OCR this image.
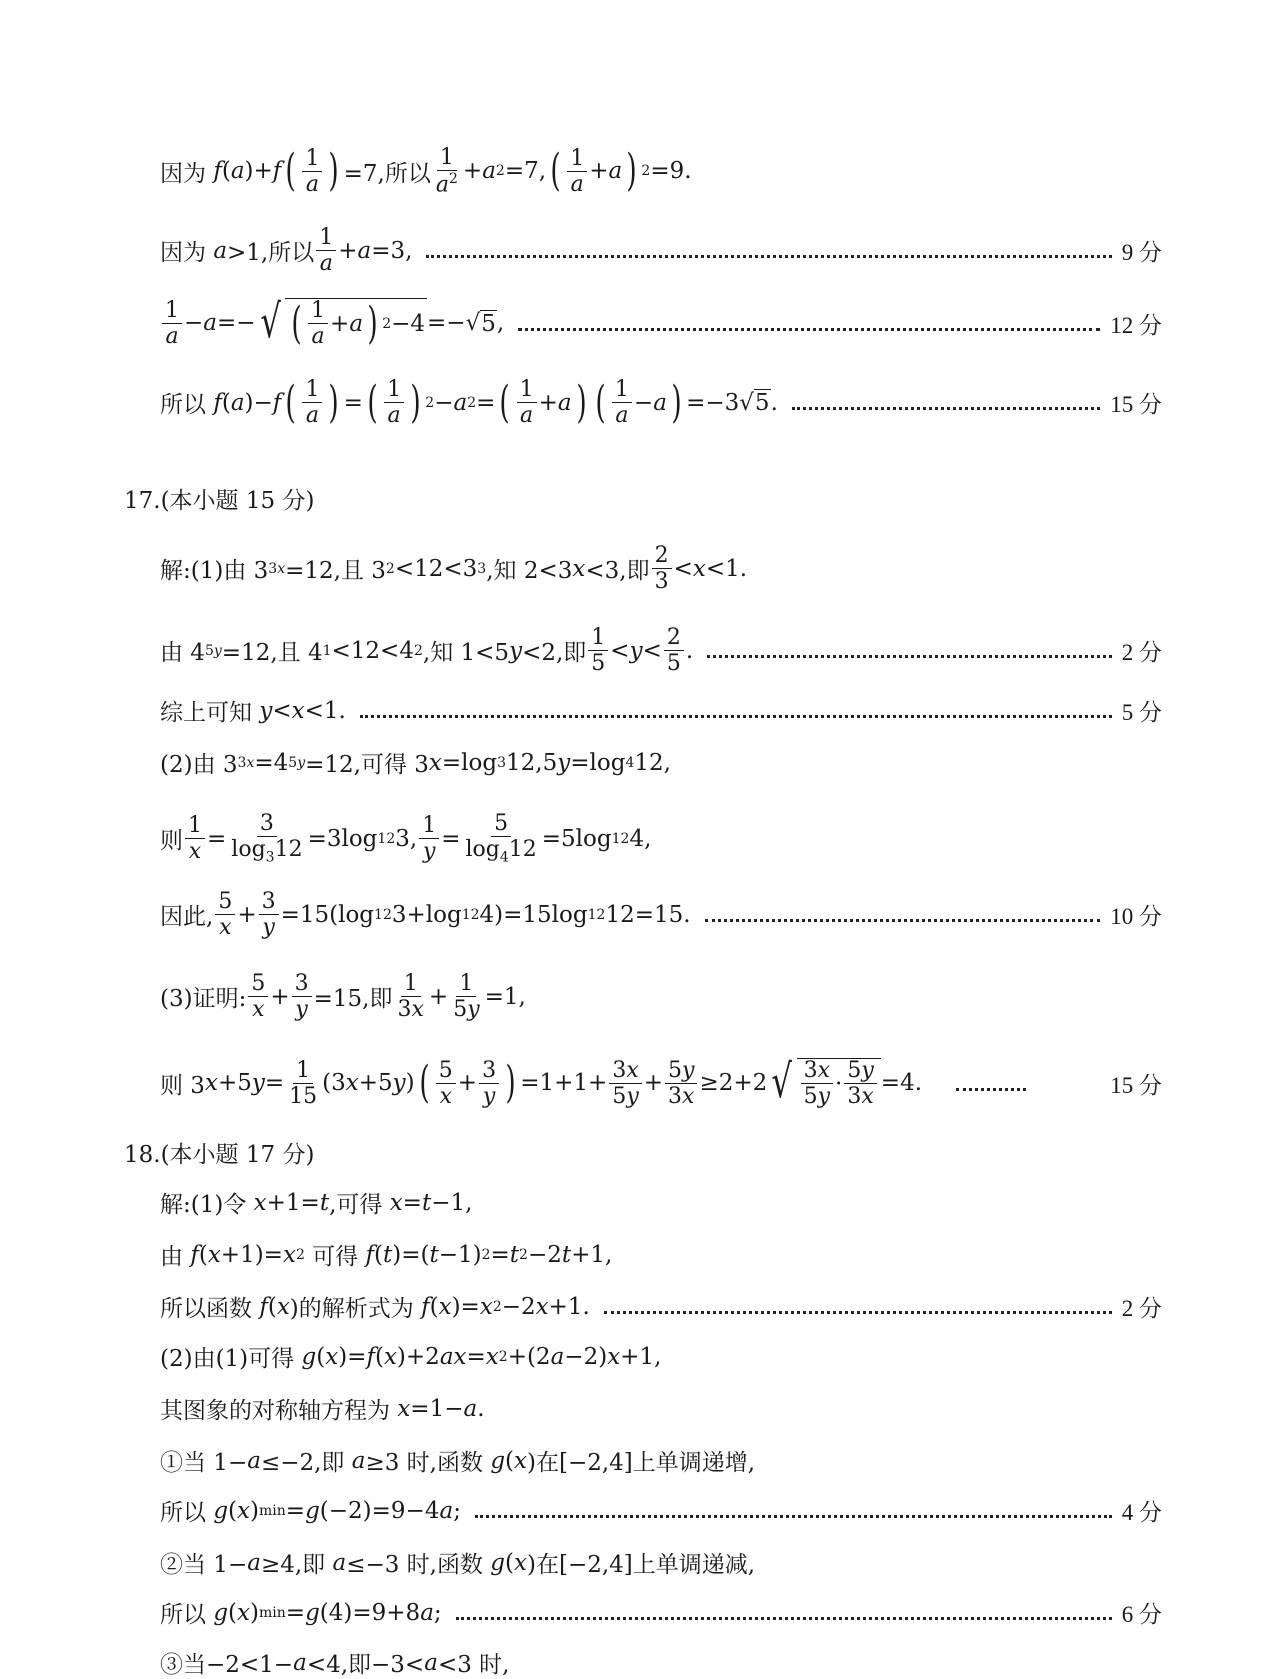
因为 f ( a )+ f ( $\frac{1}{a}$ ) =7,所以 $\frac{1}{a^2} + a$ 2 =7, ( $\frac{1}{a} + a$ ) 2 =9.
因为 a >1,所以 $\frac{1}{a} + a =3$,	9 分
$\frac{1}{a} - a$ =− √ ( $\frac{1}{a} + a$ ) 2 −4 =−√ 5 ,	12 分
所以 f ( a )− f ( $\frac{1}{a}$ ) = ( $\frac{1}{a}$ ) 2 − a 2 = ( $\frac{1}{a} + a$ ) ( $\frac{1}{a} - a$ ) =−3√ 5 .	15 分
17.(本小题 15 分)
解:(1)由 3 3x =12,且 3 2 <12<3 3 ,知 2<3 x <3,即 $\frac{2}{3} < x <1$.
由 4 5y =12,且 4 1 <12<4 2 ,知 1<5 y <2,即 $\frac{1}{5} < y < \frac{2}{5}$ .	2 分
综上可知 y < x <1.	5 分
(2)由 3 3x =4 5y =12,可得 3 x =log 3 12,5 y =log 4 12,
则 $\frac{1}{x} = \frac{3}{\log_312} =3\log$ 12 3, $\frac{1}{y} = \frac{5}{\log_412} =5\log$ 12 4,
因此, $\frac{5}{x} + \frac{3}{y} =15(\log$ 12 3+log 12 4)=15log 12 12=15.	10 分
(3)证明: $\frac{5}{x} + \frac{3}{y} =15$,即 $\frac{1}{3x} + \frac{1}{5y} =1$,
则 3 x +5 $y = \frac{1}{15} (3$ x +5 y ) ( $\frac{5}{x} + \frac{3}{y}$ ) $=1+1+ \frac{3x}{5y} + \frac{5y}{3x} \ge 2+2$ √ $\frac{3x}{5y} \cdot \frac{5y}{3x} =4$.	15 分
18.(本小题 17 分)
解:(1)令 x +1= t ,可得 x = t −1,
由 f ( x +1)= x 2 可得 f ( t )=( t −1) 2 = t 2 −2 t +1,
所以函数 f ( x )的解析式为 f ( x )= x 2 −2 x +1.	2 分
(2)由(1)可得 g ( x )= f ( x )+2 ax = x 2 +(2 a −2) x +1,
其图象的对称轴方程为 x =1− a .
①当 1− a ≤−2,即 a ≥3 时,函数 g ( x )在[−2,4]上单调递增,
所以 g ( x ) min = g (−2)=9−4 a ;	4 分
②当 1− a ≥4,即 a ≤−3 时,函数 g ( x )在[−2,4]上单调递减,
所以 g ( x ) min = g (4)=9+8 a ;	6 分
③当−2<1− a <4,即−3< a <3 时,
